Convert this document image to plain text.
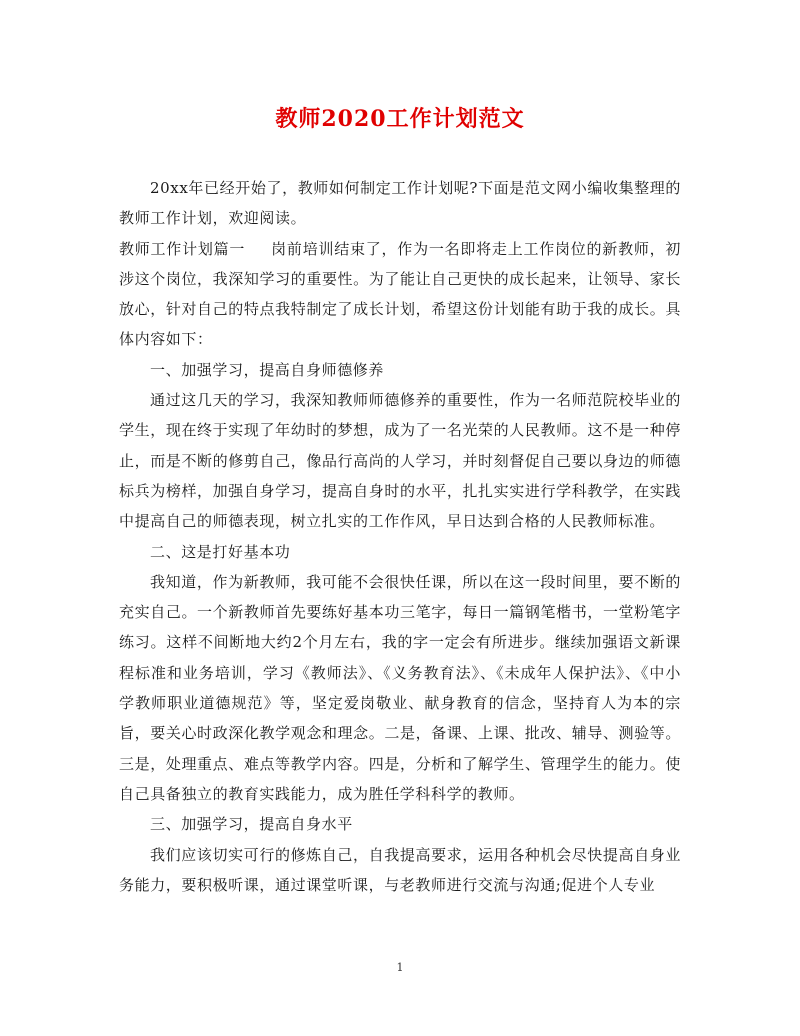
教师2020工作计划范文

20xx年已经开始了，教师如何制定工作计划呢?下面是范文网小编收集整理的教师工作计划，欢迎阅读。

教师工作计划篇一 岗前培训结束了，作为一名即将走上工作岗位的新教师，初涉这个岗位，我深知学习的重要性。为了能让自己更快的成长起来，让领导、家长放心，针对自己的特点我特制定了成长计划，希望这份计划能有助于我的成长。具体内容如下：

一、加强学习，提高自身师德修养

通过这几天的学习，我深知教师师德修养的重要性，作为一名师范院校毕业的学生，现在终于实现了年幼时的梦想，成为了一名光荣的人民教师。这不是一种停止，而是不断的修剪自己，像品行高尚的人学习，并时刻督促自己要以身边的师德标兵为榜样，加强自身学习，提高自身时的水平，扎扎实实进行学科教学，在实践中提高自己的师德表现，树立扎实的工作作风，早日达到合格的人民教师标准。

二、这是打好基本功

我知道，作为新教师，我可能不会很快任课，所以在这一段时间里，要不断的充实自己。一个新教师首先要练好基本功三笔字，每日一篇钢笔楷书，一堂粉笔字练习。这样不间断地大约2个月左右，我的字一定会有所进步。继续加强语文新课程标准和业务培训，学习《教师法》、《义务教育法》、《未成年人保护法》、《中小学教师职业道德规范》等，坚定爱岗敬业、献身教育的信念，坚持育人为本的宗旨，要关心时政深化教学观念和理念。二是，备课、上课、批改、辅导、测验等。三是，处理重点、难点等教学内容。四是，分析和了解学生、管理学生的能力。使自己具备独立的教育实践能力，成为胜任学科科学的教师。

三、加强学习，提高自身水平

我们应该切实可行的修炼自己，自我提高要求，运用各种机会尽快提高自身业务能力，要积极听课，通过课堂听课，与老教师进行交流与沟通;促进个人专业

1
